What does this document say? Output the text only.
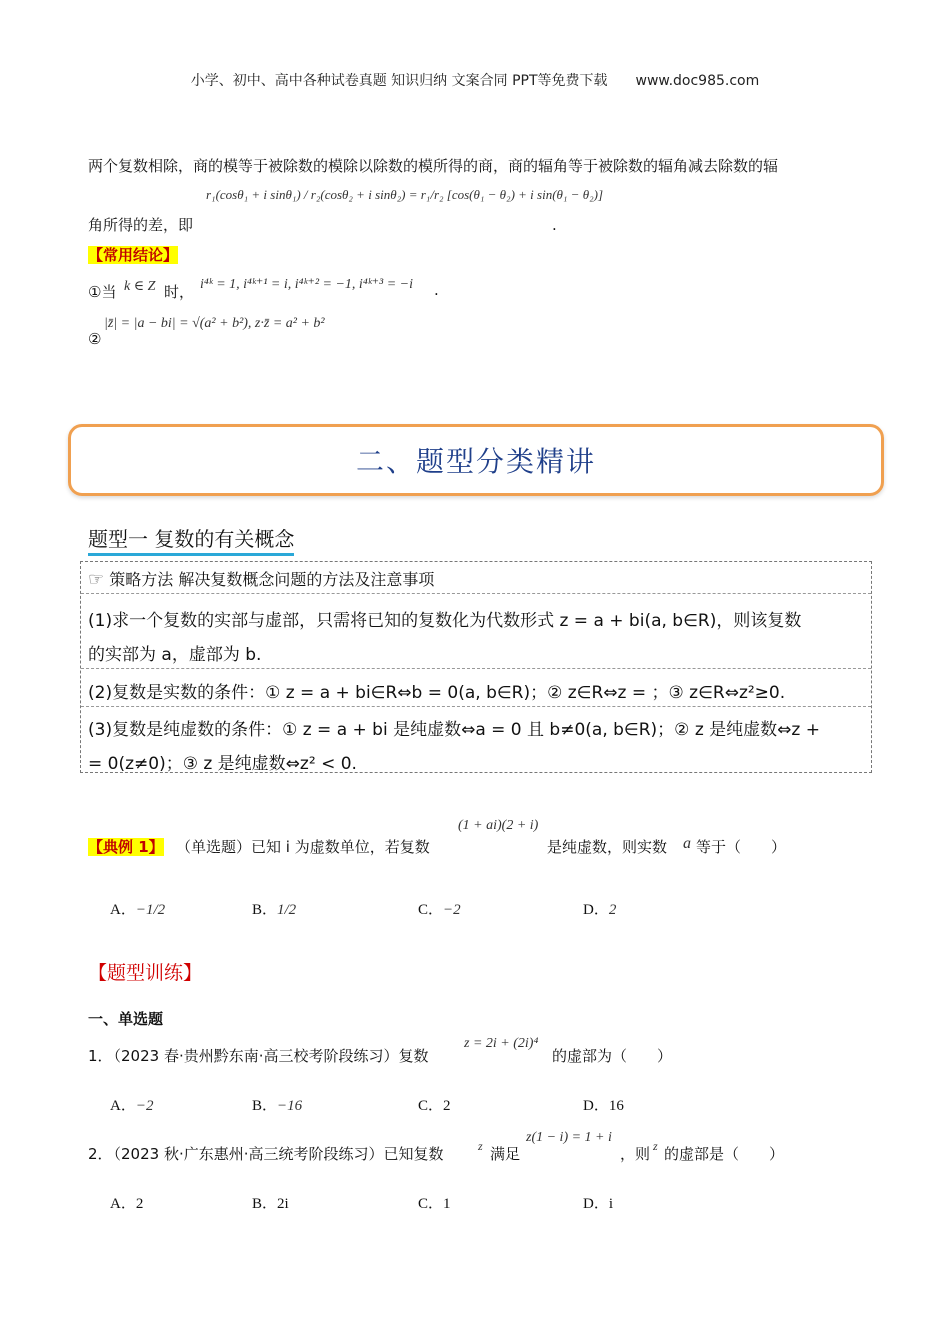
小学、初中、高中各种试卷真题 知识归纳 文案合同 PPT等免费下载　　www.doc985.com
两个复数相除，商的模等于被除数的模除以除数的模所得的商，商的辐角等于被除数的辐角减去除数的辐
角所得的差，即
r₁(cosθ₁ + i sinθ₁) / r₂(cosθ₂ + i sinθ₂) = r₁/r₂ [cos(θ₁ − θ₂) + i sin(θ₁ − θ₂)]
.
【常用结论】
①当 k ∈ Z 时， i⁴ᵏ = 1, i⁴ᵏ⁺¹ = i, i⁴ᵏ⁺² = −1, i⁴ᵏ⁺³ = −i .
②
|z̄| = |a − bi| = √(a² + b²), z·z̄ = a² + b²
二、题型分类精讲
题型一 复数的有关概念
☞ 策略方法 解决复数概念问题的方法及注意事项
(1)求一个复数的实部与虚部，只需将已知的复数化为代数形式 z = a + bi(a, b∈R)，则该复数
的实部为 a，虚部为 b.
(2)复数是实数的条件：① z = a + bi∈R⇔b = 0(a, b∈R)；② z∈R⇔z = ；③ z∈R⇔z²≥0.
(3)复数是纯虚数的条件：① z = a + bi 是纯虚数⇔a = 0 且 b≠0(a, b∈R)；② z 是纯虚数⇔z +
= 0(z≠0)；③ z 是纯虚数⇔z² < 0.
【典例 1】 （单选题）已知 i 为虚数单位，若复数
(1 + ai)(2 + i)
是纯虚数，则实数 a 等于（　　）
A．−1/2	B．1/2	C．−2	D．2
【题型训练】
一、单选题
1．
（2023 春·贵州黔东南·高三校考阶段练习）复数
z = 2i + (2i)⁴
的虚部为（　　）
A．−2	B．−16	C．2	D．16
2．
（2023 秋·广东惠州·高三统考阶段练习）已知复数	z 满足
z(1 − i) = 1 + i
，则 z 的虚部是（　　）
A．2	B．2i	C．1	D．i
